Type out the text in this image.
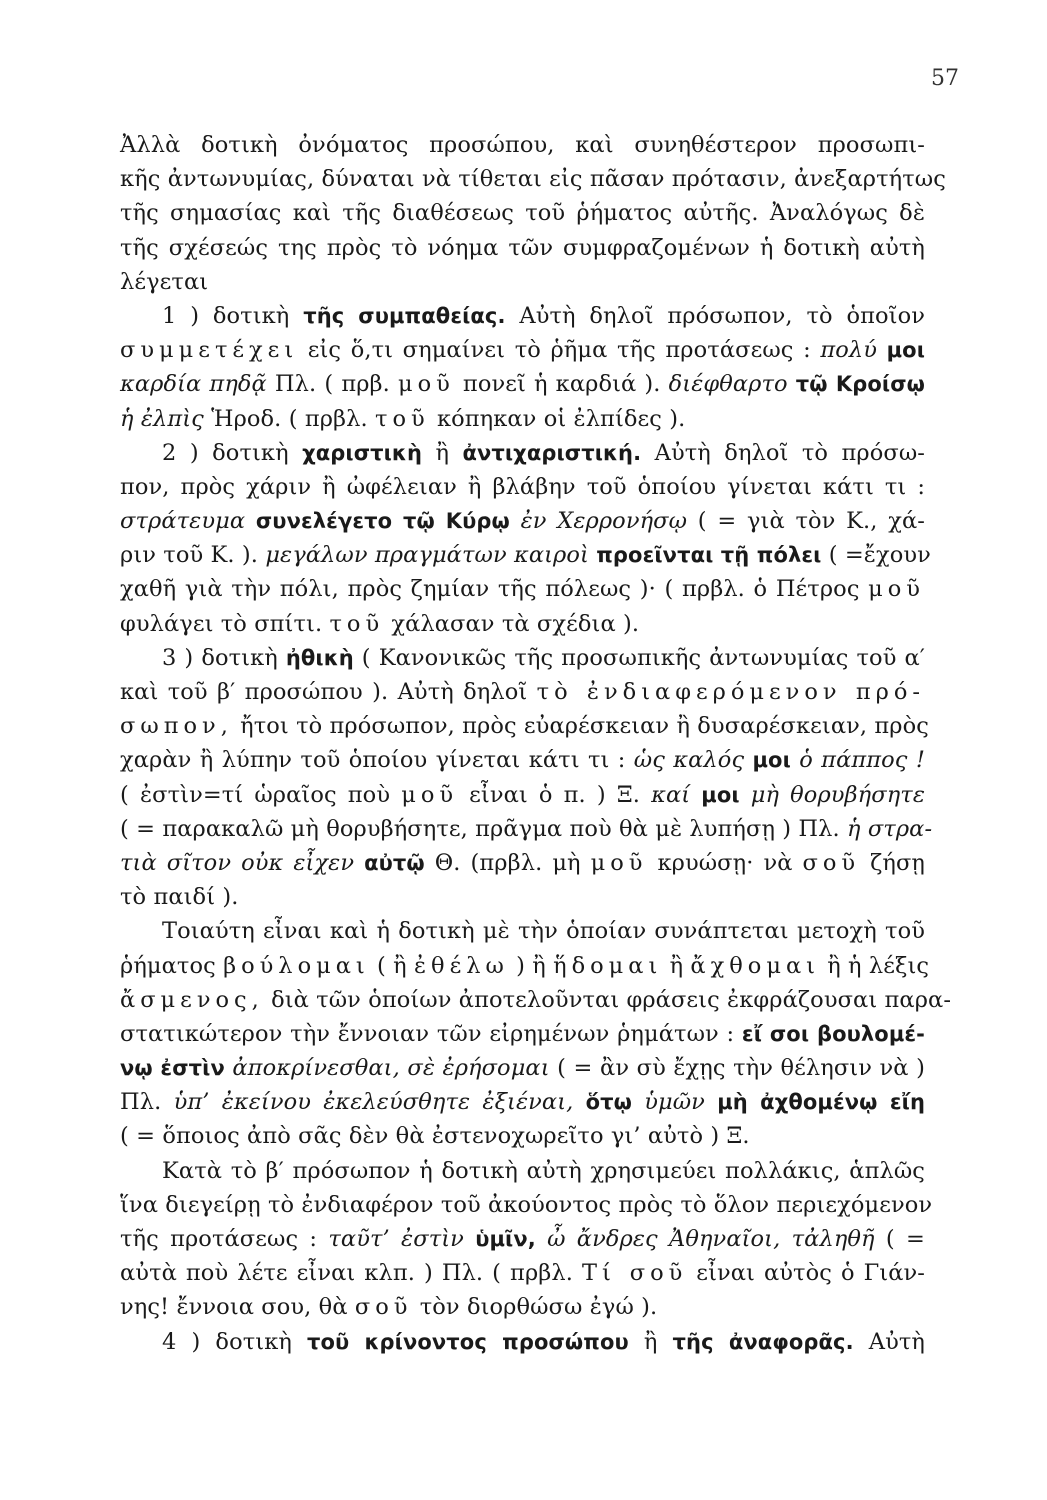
57
Ἀλλὰ δοτικὴ ὀνόματος προσώπου, καὶ συνηθέστερον προσωπι-
κῆς ἀντωνυμίας, δύναται νὰ τίθεται εἰς πᾶσαν πρότασιν, ἀνεξαρτήτως
τῆς σημασίας καὶ τῆς διαθέσεως τοῦ ῥήματος αὐτῆς. Ἀναλόγως δὲ
τῆς σχέσεώς της πρὸς τὸ νόημα τῶν συμφραζομένων ἡ δοτικὴ αὐτὴ
λέγεται
1 ) δοτικὴ τῆς συμπαθείας. Αὐτὴ δηλοῖ πρόσωπον, τὸ ὁποῖον
συμμετέχει εἰς ὅ,τι σημαίνει τὸ ῥῆμα τῆς προτάσεως : πολύ μοι
καρδία πηδᾷ Πλ. ( πρβ. μοῦ πονεῖ ἡ καρδιά ). διέφθαρτο τῷ Κροίσῳ
ἡ ἐλπὶς Ἡροδ. ( πρβλ. τοῦ κόπηκαν οἱ ἐλπίδες ).
2 ) δοτικὴ χαριστικὴ ἢ ἀντιχαριστική. Αὐτὴ δηλοῖ τὸ πρόσω-
πον, πρὸς χάριν ἢ ὠφέλειαν ἢ βλάβην τοῦ ὁποίου γίνεται κάτι τι :
στράτευμα συνελέγετο τῷ Κύρῳ ἐν Χερρονήσῳ ( = γιὰ τὸν Κ., χά-
ριν τοῦ Κ. ). μεγάλων πραγμάτων καιροὶ προεῖνται τῇ πόλει ( =ἔχουν
χαθῆ γιὰ τὴν πόλι, πρὸς ζημίαν τῆς πόλεως )· ( πρβλ. ὁ Πέτρος μοῦ
φυλάγει τὸ σπίτι. τοῦ χάλασαν τὰ σχέδια ).
3 ) δοτικὴ ἠθικὴ ( Κανονικῶς τῆς προσωπικῆς ἀντωνυμίας τοῦ α′
καὶ τοῦ β′ προσώπου ). Αὐτὴ δηλοῖ τὸ ἐνδιαφερόμενον πρό-
σωπον, ἤτοι τὸ πρόσωπον, πρὸς εὐαρέσκειαν ἢ δυσαρέσκειαν, πρὸς
χαρὰν ἢ λύπην τοῦ ὁποίου γίνεται κάτι τι : ὡς καλός μοι ὁ πάππος !
( ἐστὶν=τί ὡραῖος ποὺ μοῦ εἶναι ὁ π. ) Ξ. καί μοι μὴ θορυβήσητε
( = παρακαλῶ μὴ θορυβήσητε, πρᾶγμα ποὺ θὰ μὲ λυπήσῃ ) Πλ. ἡ στρα-
τιὰ σῖτον οὐκ εἶχεν αὐτῷ Θ. (πρβλ. μὴ μοῦ κρυώσῃ· νὰ σοῦ ζήσῃ
τὸ παιδί ).
Τοιαύτη εἶναι καὶ ἡ δοτικὴ μὲ τὴν ὁποίαν συνάπτεται μετοχὴ τοῦ
ῥήματος βούλομαι ( ἢ ἐθέλω ) ἢ ἥδομαι ἢ ἄχθομαι ἢ ἡ λέξις
ἄσμενος, διὰ τῶν ὁποίων ἀποτελοῦνται φράσεις ἐκφράζουσαι παρα-
στατικώτερον τὴν ἔννοιαν τῶν εἰρημένων ῥημάτων : εἴ σοι βουλομέ-
νῳ ἐστὶν ἀποκρίνεσθαι, σὲ ἐρήσομαι ( = ἂν σὺ ἔχῃς τὴν θέλησιν νὰ )
Πλ. ὑπ’ ἐκείνου ἐκελεύσθητε ἐξιέναι, ὅτῳ ὑμῶν μὴ ἀχθομένῳ εἴη
( = ὅποιος ἀπὸ σᾶς δὲν θὰ ἐστενοχωρεῖτο γι’ αὐτὸ ) Ξ.
Κατὰ τὸ β′ πρόσωπον ἡ δοτικὴ αὐτὴ χρησιμεύει πολλάκις, ἁπλῶς
ἵνα διεγείρῃ τὸ ἐνδιαφέρον τοῦ ἀκούοντος πρὸς τὸ ὅλον περιεχόμενον
τῆς προτάσεως : ταῦτ’ ἐστὶν ὑμῖν, ὦ ἄνδρες Ἀθηναῖοι, τἀληθῆ ( =
αὐτὰ ποὺ λέτε εἶναι κλπ. ) Πλ. ( πρβλ. Τί σοῦ εἶναι αὐτὸς ὁ Γιάν-
νης! ἔννοια σου, θὰ σοῦ τὸν διορθώσω ἐγώ ).
4 ) δοτικὴ τοῦ κρίνοντος προσώπου ἢ τῆς ἀναφορᾶς. Αὐτὴ
